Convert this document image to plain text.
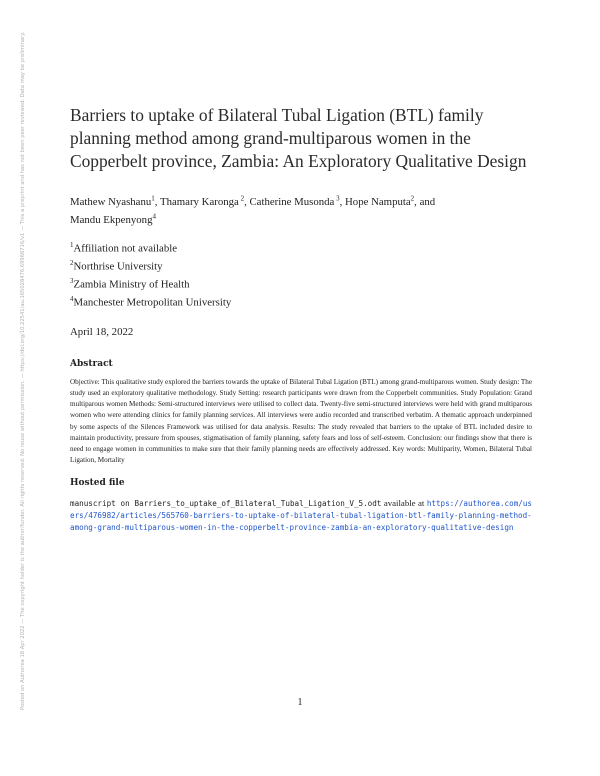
Posted on Authorea 18 Apr 2022 — The copyright holder is the author/funder. All rights reserved. No reuse without permission. — https://doi.org/10.22541/au.165028476.69966716/v1 — This a preprint and has not been peer reviewed. Data may be preliminary.	Barriers to uptake of Bilateral Tubal Ligation (BTL) family planning method among grand-multiparous women in the Copperbelt province, Zambia: An Exploratory Qualitative Design
Mathew Nyashanu$^1$, Thamary Karonga $^2$, Catherine Musonda $^3$, Hope Namputa$^2$, and
Mandu Ekpenyong$^4$
$^1$Affiliation not available
$^2$Northrise University
$^3$Zambia Ministry of Health
$^4$Manchester Metropolitan University
April 18, 2022
Abstract

Objective: This qualitative study explored the barriers towards the uptake of Bilateral Tubal Ligation (BTL) among grand-multiparous women. Study design: The study used an exploratory qualitative methodology. Study Setting: research participants were drawn from the Copperbelt communities. Study Population: Grand multiparous women Methods: Semi-structured interviews were utilised to collect data. Twenty-five semi-structured interviews were held with grand multiparous women who were attending clinics for family planning services. All interviews were audio recorded and transcribed verbatim. A thematic approach underpinned by some aspects of the Silences Framework was utilised for data analysis. Results: The study revealed that barriers to the uptake of BTL included desire to maintain productivity, pressure from spouses, stigmatisation of family planning, safety fears and loss of self-esteem. Conclusion: our findings show that there is need to engage women in communities to make sure that their family planning needs are effectively addressed. Key words: Multiparity, Women, Bilateral Tubal Ligation, Mortality

Hosted file

manuscript on Barriers_to_uptake_of_Bilateral_Tubal_Ligation_V_5.odt available at https://authorea.com/users/476982/articles/565760-barriers-to-uptake-of-bilateral-tubal-ligation-btl-family-planning-method-among-grand-multiparous-women-in-the-copperbelt-province-zambia-an-exploratory-qualitative-design

1
